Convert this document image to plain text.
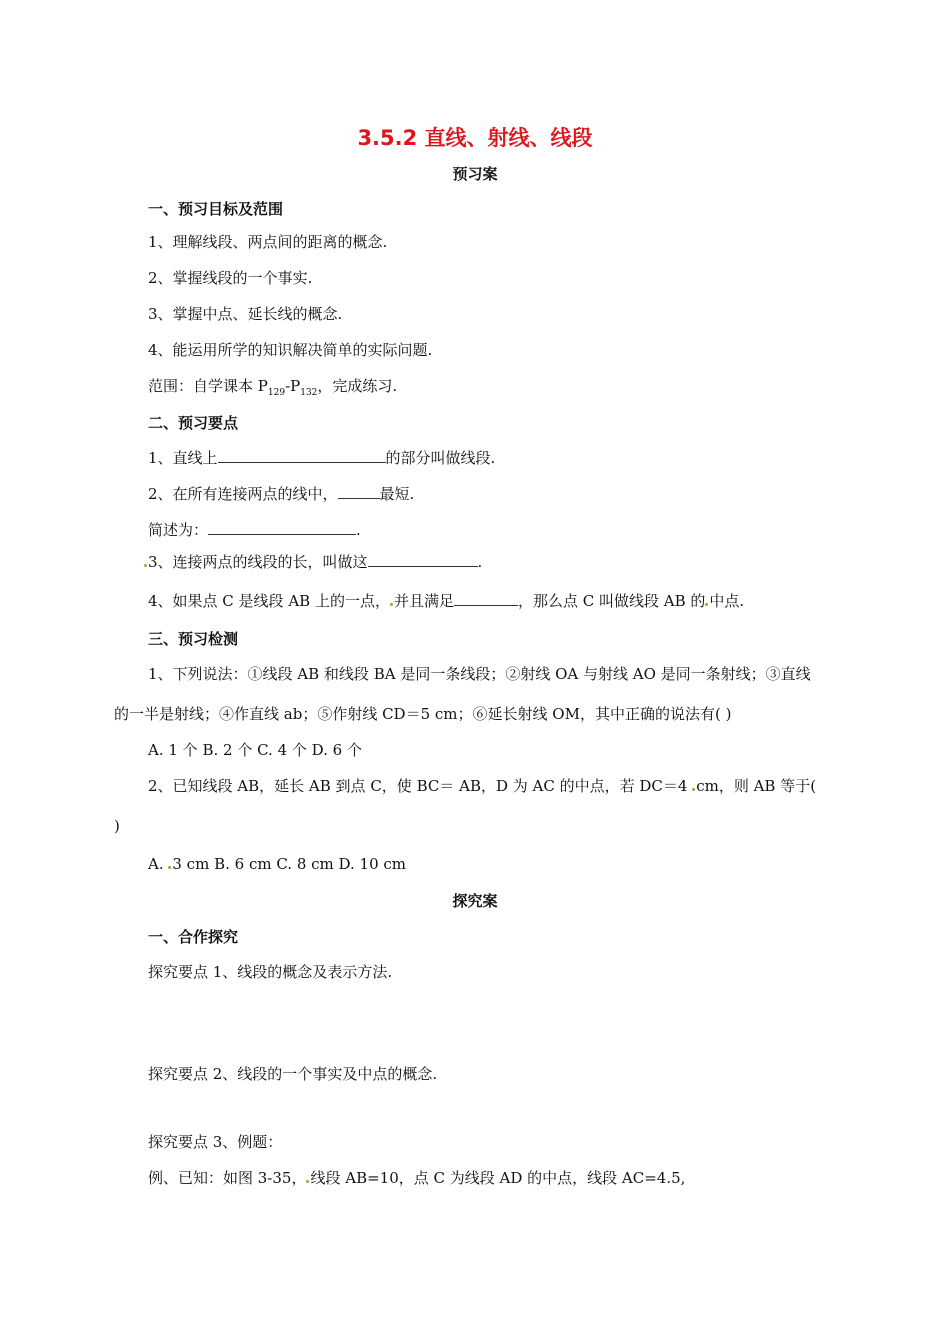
3.5.2 直线、射线、线段
预习案
一、预习目标及范围
1、理解线段、两点间的距离的概念.
2、掌握线段的一个事实.
3、掌握中点、延长线的概念.
4、能运用所学的知识解决简单的实际问题.
范围：自学课本 $P_{129}-P_{132}$，完成练习.
二、预习要点
1、直线上	的部分叫做线段.
2、在所有连接两点的线中，	最短.
简述为：	.
3、连接两点的线段的长，叫做这	.
4、如果点 C 是线段 AB 上的一点， 并且满足	，那么点 C 叫做线段 AB 的 中点.
三、预习检测
1、下列说法：①线段 AB 和线段 BA 是同一条线段；②射线 OA 与射线 AO 是同一条射线；③直线
的一半是射线；④作直线 ab；⑤作射线 CD＝5 cm；⑥延长射线 OM，其中正确的说法有( )
A. 1 个 B. 2 个 C. 4 个 D. 6 个
2、已知线段 AB，延长 AB 到点 C，使 BC＝ AB，D 为 AC 的中点，若 DC＝4 cm，则 AB 等于(
)
A. 3 cm B. 6 cm C. 8 cm D. 10 cm
探究案
一、合作探究
探究要点 1、线段的概念及表示方法.
探究要点 2、线段的一个事实及中点的概念.
探究要点 3、例题：
例、已知：如图 3-35， 线段 AB=10，点 C 为线段 AD 的中点，线段 AC=4.5,
